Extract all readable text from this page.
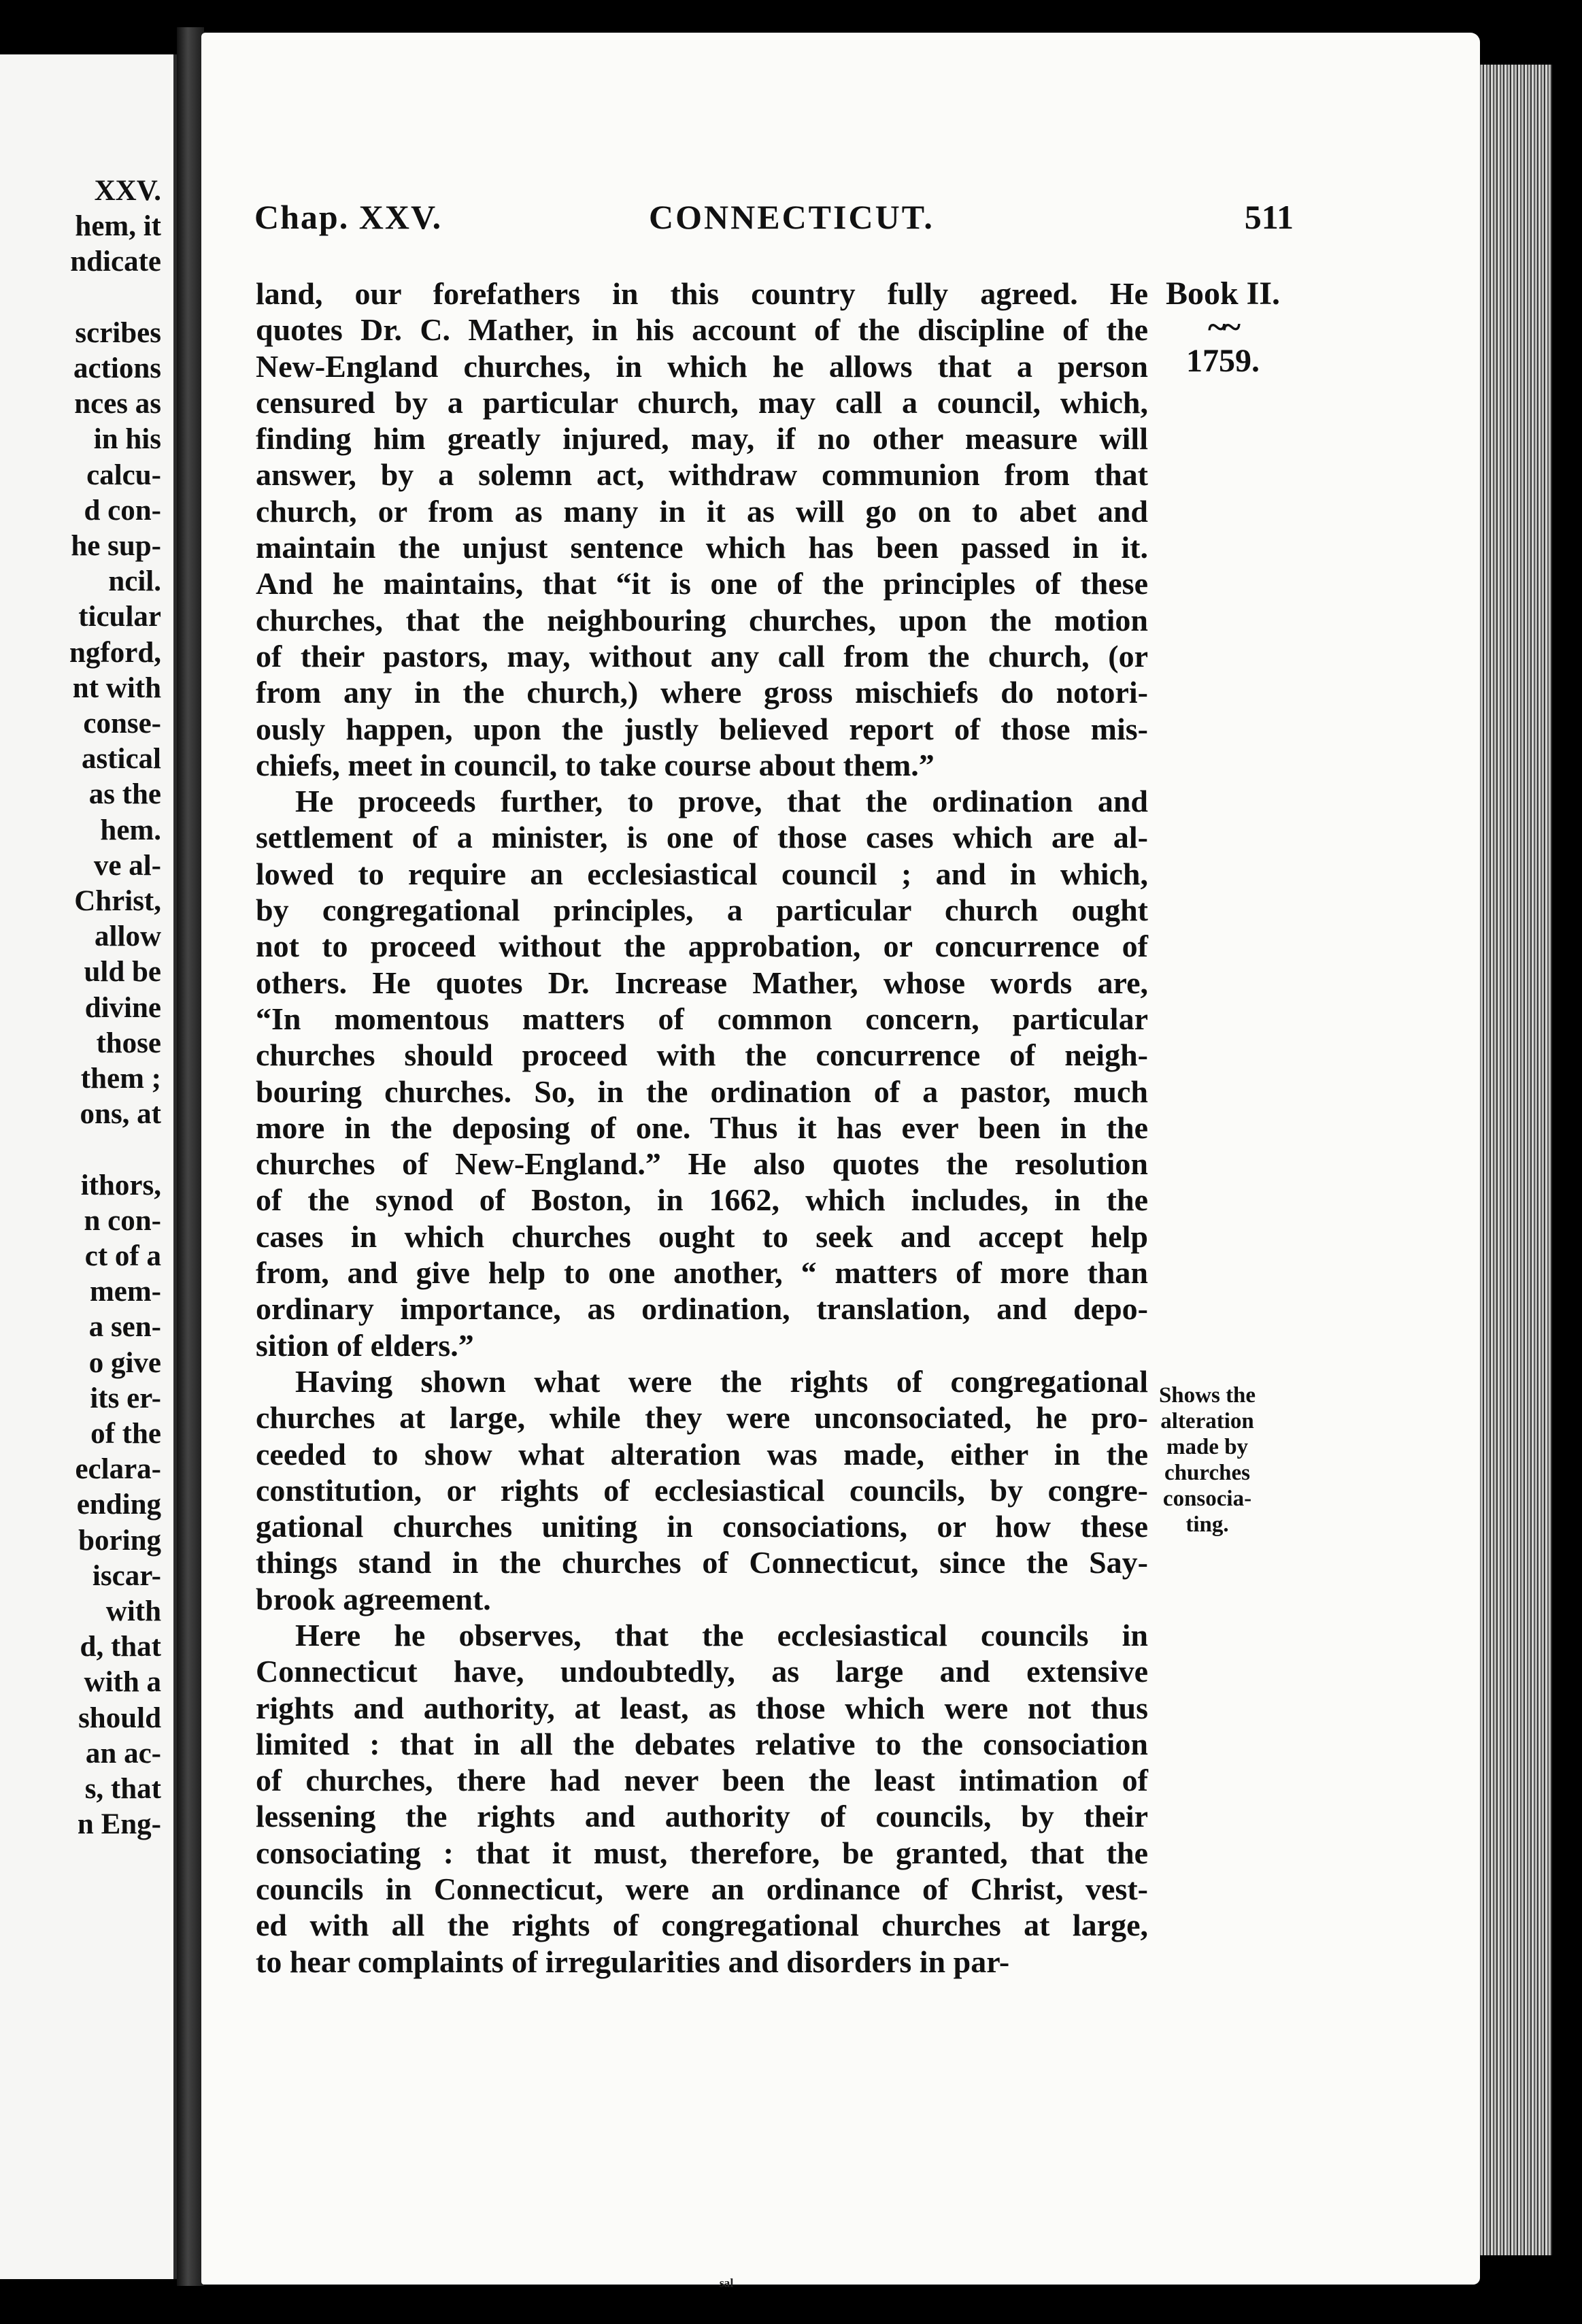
XXV.
hem, it
ndicate
scribes
actions
nces as
in his
calcu-
d con-
he sup-
ncil.
ticular
ngford,
nt with
conse-
astical
as the
hem.
ve al-
Christ,
allow
uld be
divine
those
them ;
ons, at
ithors,
n con-
ct of a
mem-
a sen-
o give
its er-
of the
eclara-
ending
boring
iscar-
with
d, that
with a
should
an ac-
s, that
n Eng-
Chap. XXV.	CONNECTICUT.	511
Book II.
~~
1759.
land, our forefathers in this country fully agreed. He
quotes Dr. C. Mather, in his account of the discipline of the
New-England churches, in which he allows that a person
censured by a particular church, may call a council, which,
finding him greatly injured, may, if no other measure will
answer, by a solemn act, withdraw communion from that
church, or from as many in it as will go on to abet and
maintain the unjust sentence which has been passed in it.
And he maintains, that “it is one of the principles of these
churches, that the neighbouring churches, upon the motion
of their pastors, may, without any call from the church, (or
from any in the church,) where gross mischiefs do notori-
ously happen, upon the justly believed report of those mis-
chiefs, meet in council, to take course about them.”
He proceeds further, to prove, that the ordination and
settlement of a minister, is one of those cases which are al-
lowed to require an ecclesiastical council ; and in which,
by congregational principles, a particular church ought
not to proceed without the approbation, or concurrence of
others. He quotes Dr. Increase Mather, whose words are,
“In momentous matters of common concern, particular
churches should proceed with the concurrence of neigh-
bouring churches. So, in the ordination of a pastor, much
more in the deposing of one. Thus it has ever been in the
churches of New-England.” He also quotes the resolution
of the synod of Boston, in 1662, which includes, in the
cases in which churches ought to seek and accept help
from, and give help to one another, “ matters of more than
ordinary importance, as ordination, translation, and depo-
sition of elders.”
Having shown what were the rights of congregational
churches at large, while they were unconsociated, he pro-
ceeded to show what alteration was made, either in the
constitution, or rights of ecclesiastical councils, by congre-
gational churches uniting in consociations, or how these
things stand in the churches of Connecticut, since the Say-
brook agreement.
Here he observes, that the ecclesiastical councils in
Connecticut have, undoubtedly, as large and extensive
rights and authority, at least, as those which were not thus
limited : that in all the debates relative to the consociation
of churches, there had never been the least intimation of
lessening the rights and authority of councils, by their
consociating : that it must, therefore, be granted, that the
councils in Connecticut, were an ordinance of Christ, vest-
ed with all the rights of congregational churches at large,
to hear complaints of irregularities and disorders in par-
Shows the alteration made by churches consocia- ting.
ˢᵃˡ
